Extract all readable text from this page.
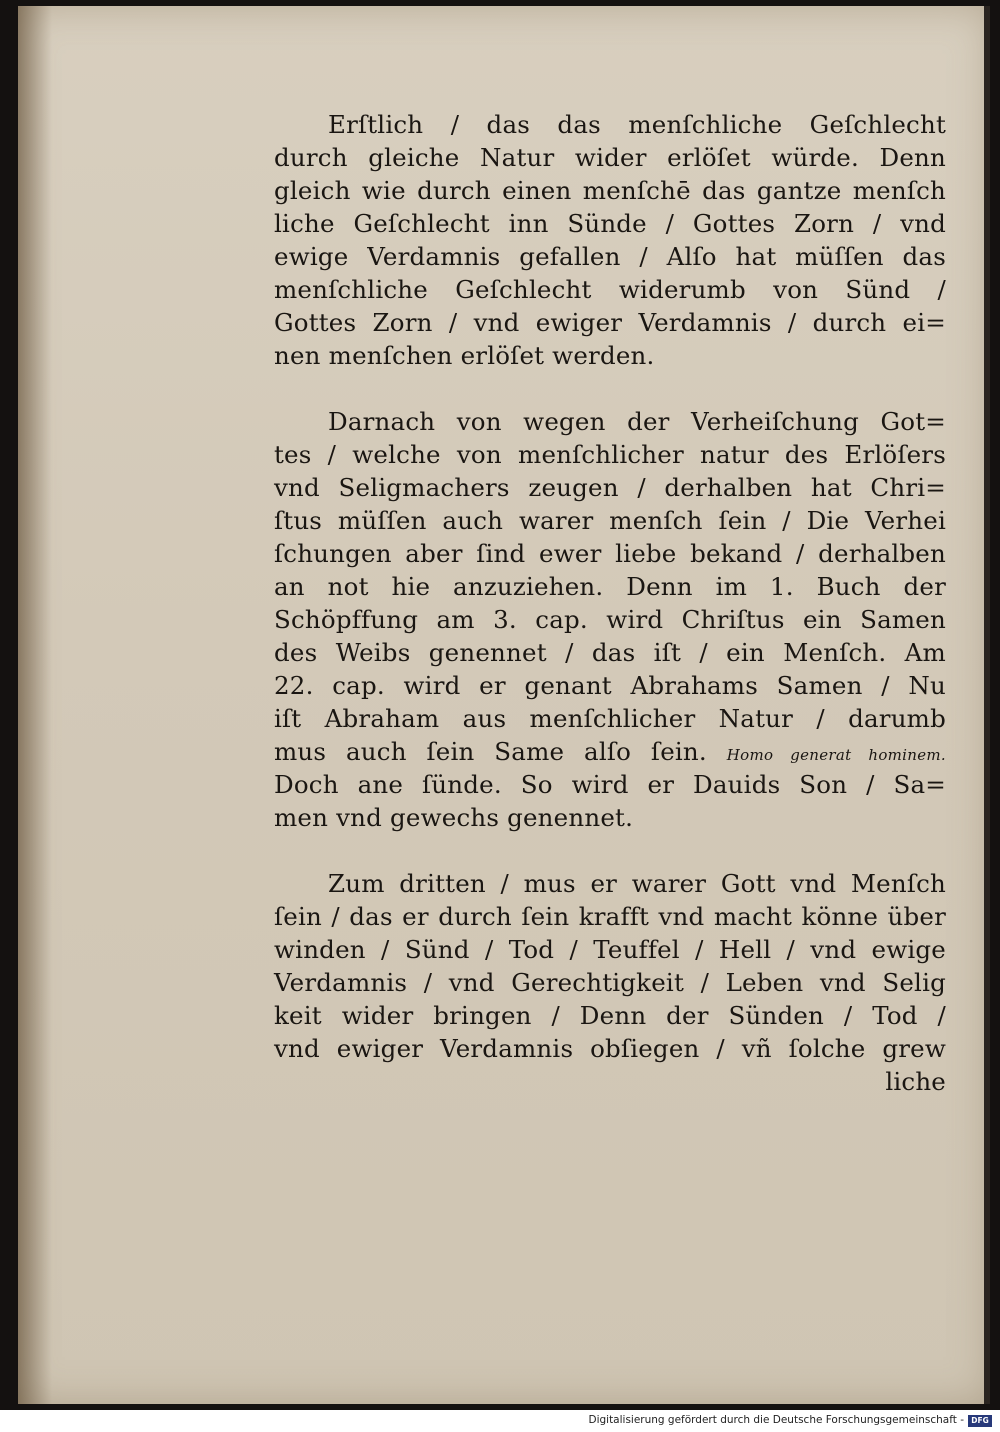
Erſtlich / das das menſchliche Geſchlecht
durch gleiche Natur wider erlöſet würde. Denn
gleich wie durch einen menſchē das gantze menſch
liche Geſchlecht inn Sünde / Gottes Zorn / vnd
ewige Verdamnis gefallen / Alſo hat müſſen das
menſchliche Geſchlecht widerumb von Sünd /
Gottes Zorn / vnd ewiger Verdamnis / durch ei=
nen menſchen erlöſet werden.
Darnach von wegen der Verheiſchung Got=
tes / welche von menſchlicher natur des Erlöſers
vnd Seligmachers zeugen / derhalben hat Chri=
ſtus müſſen auch warer menſch ſein / Die Verhei
ſchungen aber ſind ewer liebe bekand / derhalben
an not hie anzuziehen. Denn im 1. Buch der
Schöpffung am 3. cap. wird Chriſtus ein Samen
des Weibs genennet / das iſt / ein Menſch. Am
22. cap. wird er genant Abrahams Samen / Nu
iſt Abraham aus menſchlicher Natur / darumb
mus auch ſein Same alſo ſein. Homo generat hominem.
Doch ane ſünde. So wird er Dauids Son / Sa=
men vnd gewechs genennet.
Zum dritten / mus er warer Gott vnd Menſch
ſein / das er durch ſein krafft vnd macht könne über
winden / Sünd / Tod / Teuffel / Hell / vnd ewige
Verdamnis / vnd Gerechtigkeit / Leben vnd Selig
keit wider bringen / Denn der Sünden / Tod /
vnd ewiger Verdamnis obſiegen / vñ ſolche grew
liche
Digitalisierung gefördert durch die Deutsche Forschungsgemeinschaft - DFG
